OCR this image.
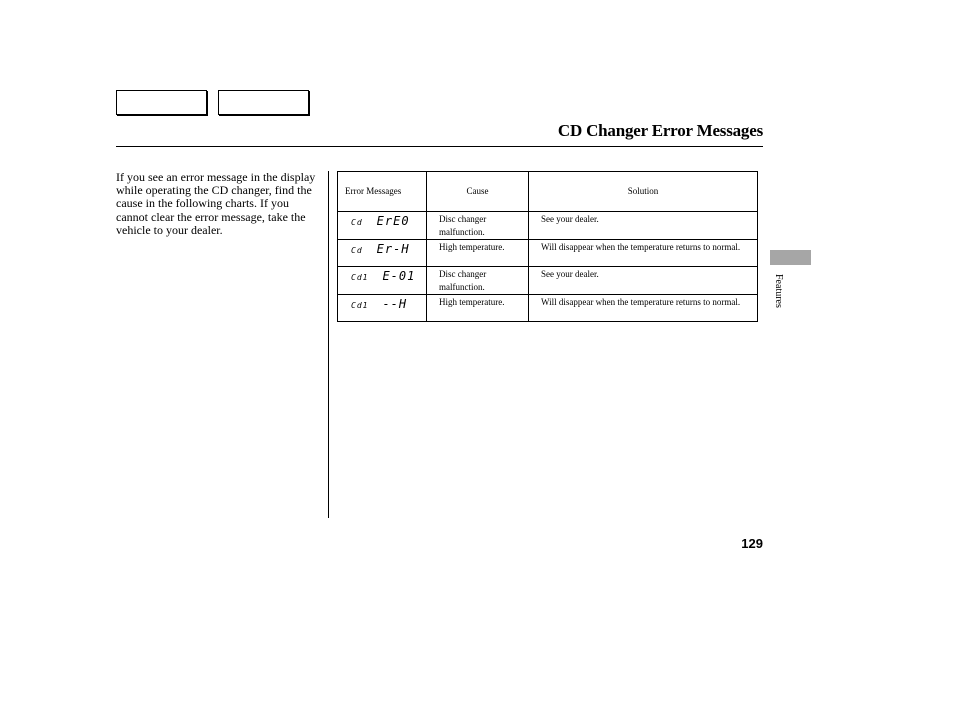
CD Changer Error Messages
If you see an error message in the display while operating the CD changer, find the cause in the following charts. If you cannot clear the error message, take the vehicle to your dealer.
Error Messages	Cause	Solution
Cd ErE0	Disc changer malfunction.	See your dealer.
Cd Er-H	High temperature.	Will disappear when the temperature returns to normal.
Cd1 E-01	Disc changer malfunction.	See your dealer.
Cd1 --H	High temperature.	Will disappear when the temperature returns to normal.	Features
129
